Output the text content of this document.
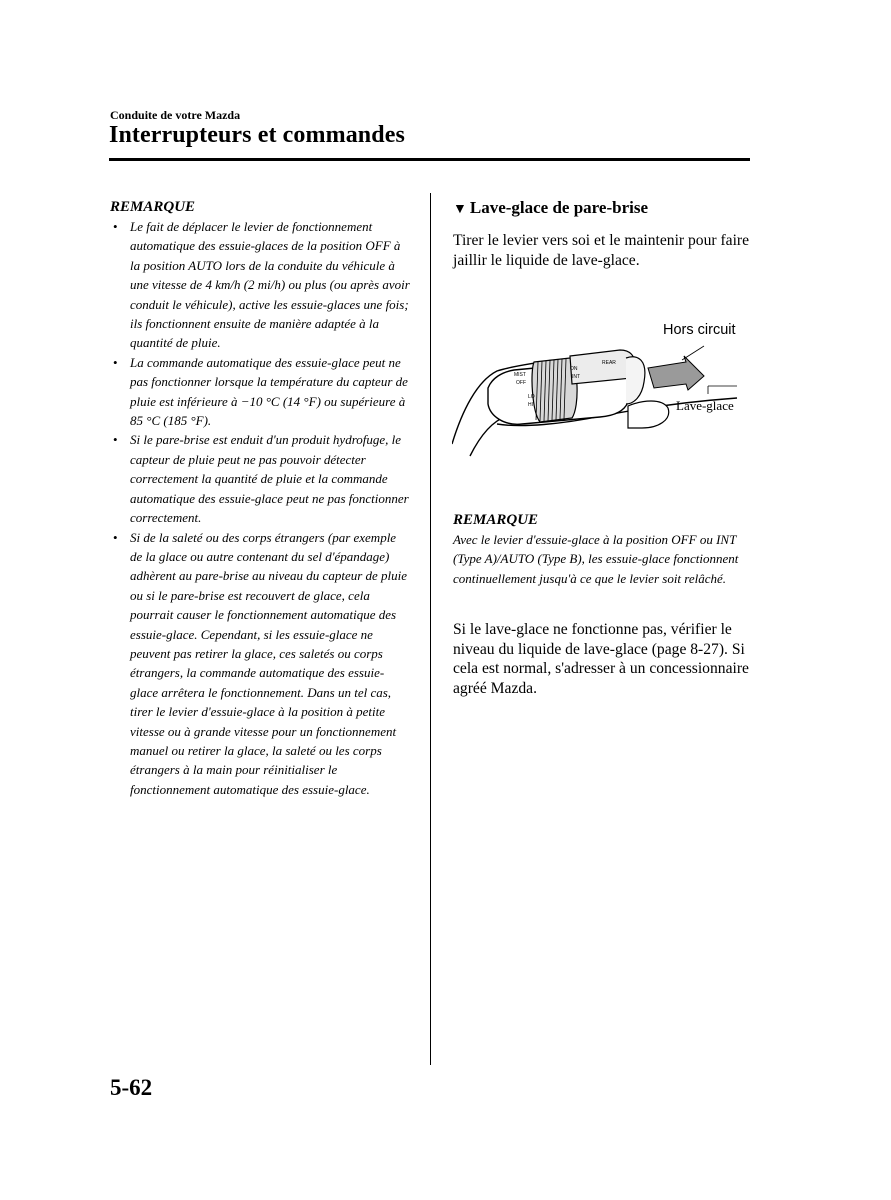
Conduite de votre Mazda
Interrupteurs et commandes
REMARQUE
• Le fait de déplacer le levier de fonctionnement automatique des essuie-glaces de la position OFF à la position AUTO lors de la conduite du véhicule à une vitesse de 4 km/h (2 mi/h) ou plus (ou après avoir conduit le véhicule), active les essuie-glaces une fois; ils fonctionnent ensuite de manière adaptée à la quantité de pluie.
• La commande automatique des essuie-glace peut ne pas fonctionner lorsque la température du capteur de pluie est inférieure à −10 °C (14 °F) ou supérieure à 85 °C (185 °F).
• Si le pare-brise est enduit d'un produit hydrofuge, le capteur de pluie peut ne pas pouvoir détecter correctement la quantité de pluie et la commande automatique des essuie-glace peut ne pas fonctionner correctement.
• Si de la saleté ou des corps étrangers (par exemple de la glace ou autre contenant du sel d'épandage) adhèrent au pare-brise au niveau du capteur de pluie ou si le pare-brise est recouvert de glace, cela pourrait causer le fonctionnement automatique des essuie-glace. Cependant, si les essuie-glace ne peuvent pas retirer la glace, ces saletés ou corps étrangers, la commande automatique des essuie-glace arrêtera le fonctionnement. Dans un tel cas, tirer le levier d'essuie-glace à la position à petite vitesse ou à grande vitesse pour un fonctionnement manuel ou retirer la glace, la saleté ou les corps étrangers à la main pour réinitialiser le fonctionnement automatique des essuie-glace.
▼ Lave-glace de pare-brise
Tirer le levier vers soi et le maintenir pour faire jaillir le liquide de lave-glace.
MIST
OFF
INT
LO
HI
ON
REAR
Hors circuit
Lave-glace
REMARQUE
Avec le levier d'essuie-glace à la position OFF ou INT (Type A)/AUTO (Type B), les essuie-glace fonctionnent continuellement jusqu'à ce que le levier soit relâché.
Si le lave-glace ne fonctionne pas, vérifier le niveau du liquide de lave-glace (page 8-27). Si cela est normal, s'adresser à un concessionnaire agréé Mazda.
5-62
